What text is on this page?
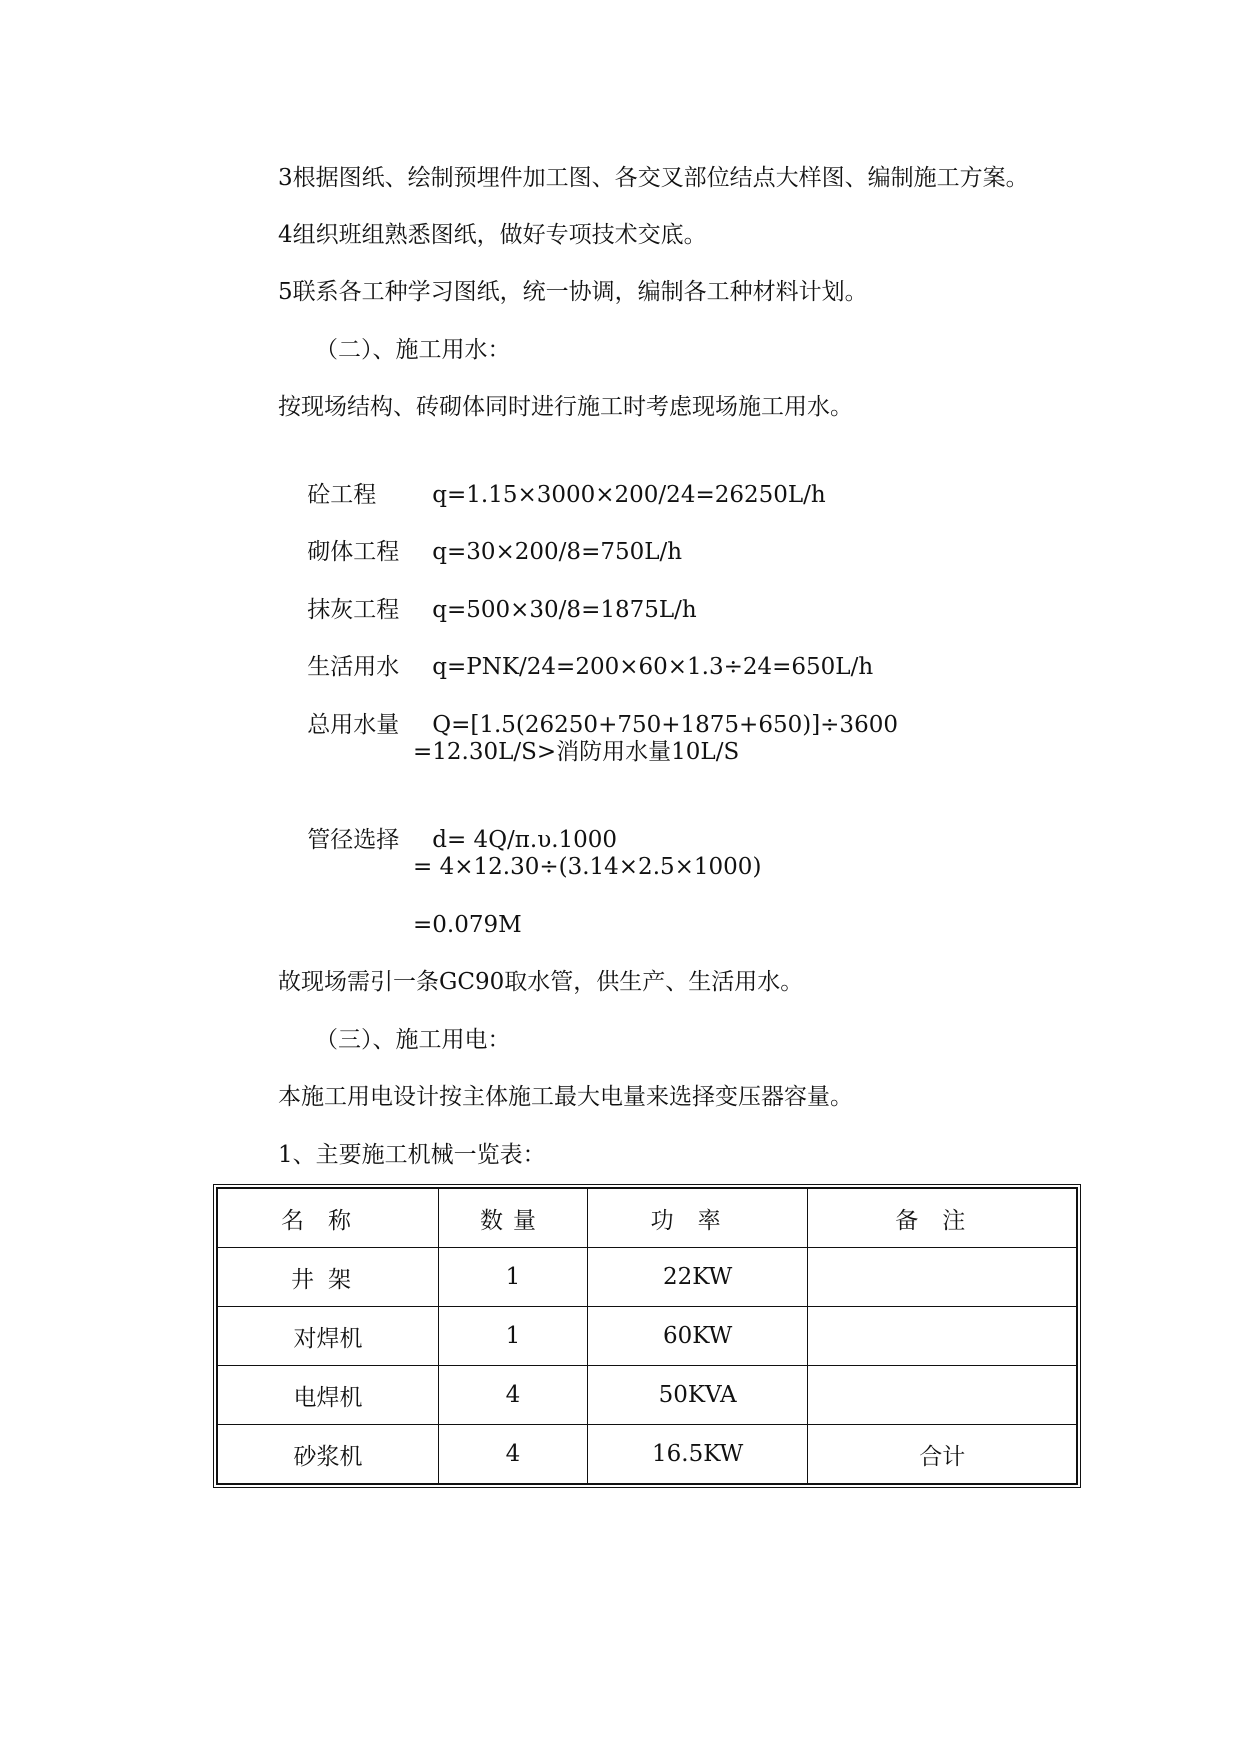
3根据图纸、绘制预埋件加工图、各交叉部位结点大样图、编制施工方案。
4组织班组熟悉图纸，做好专项技术交底。
5联系各工种学习图纸，统一协调，编制各工种材料计划。
（二）、施工用水：
按现场结构、砖砌体同时进行施工时考虑现场施工用水。

砼工程 q=1.15×3000×200/24=26250L/h

砌体工程 q=30×200/8=750L/h

抹灰工程 q=500×30/8=1875L/h

生活用水 q=PNK/24=200×60×1.3÷24=650L/h

总用水量 Q=[1.5(26250+750+1875+650)]÷3600

=12.30L/S>消防用水量10L/S

管径选择 d= 4Q/π.υ.1000

= 4×12.30÷(3.14×2.5×1000)
=0.079M
故现场需引一条GC90取水管，供生产、生活用水。
（三）、施工用电：
本施工用电设计按主体施工最大电量来选择变压器容量。
1、主要施工机械一览表：
名称	数量	功率	备注
井架	1	22KW	
对焊机	1	60KW	
电焊机	4	50KVA	
砂浆机	4	16.5KW	合计
